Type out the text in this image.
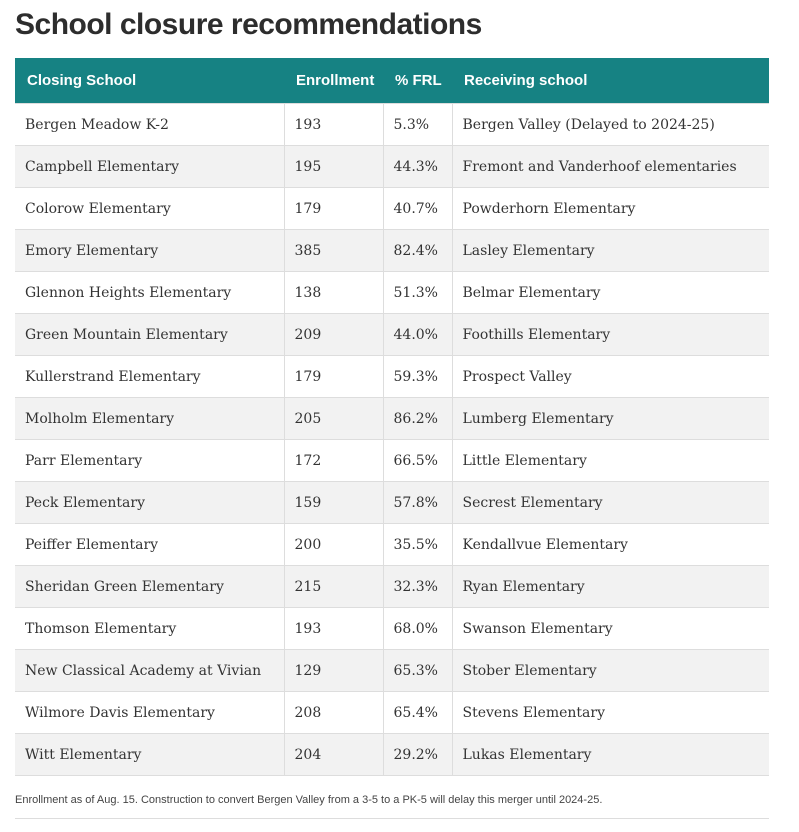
School closure recommendations
Closing School	Enrollment	% FRL	Receiving school
Bergen Meadow K-2	193	5.3%	Bergen Valley (Delayed to 2024-25)
Campbell Elementary	195	44.3%	Fremont and Vanderhoof elementaries
Colorow Elementary	179	40.7%	Powderhorn Elementary
Emory Elementary	385	82.4%	Lasley Elementary
Glennon Heights Elementary	138	51.3%	Belmar Elementary
Green Mountain Elementary	209	44.0%	Foothills Elementary
Kullerstrand Elementary	179	59.3%	Prospect Valley
Molholm Elementary	205	86.2%	Lumberg Elementary
Parr Elementary	172	66.5%	Little Elementary
Peck Elementary	159	57.8%	Secrest Elementary
Peiffer Elementary	200	35.5%	Kendallvue Elementary
Sheridan Green Elementary	215	32.3%	Ryan Elementary
Thomson Elementary	193	68.0%	Swanson Elementary
New Classical Academy at Vivian	129	65.3%	Stober Elementary
Wilmore Davis Elementary	208	65.4%	Stevens Elementary
Witt Elementary	204	29.2%	Lukas Elementary
Enrollment as of Aug. 15. Construction to convert Bergen Valley from a 3-5 to a PK-5 will delay this merger until 2024-25.
